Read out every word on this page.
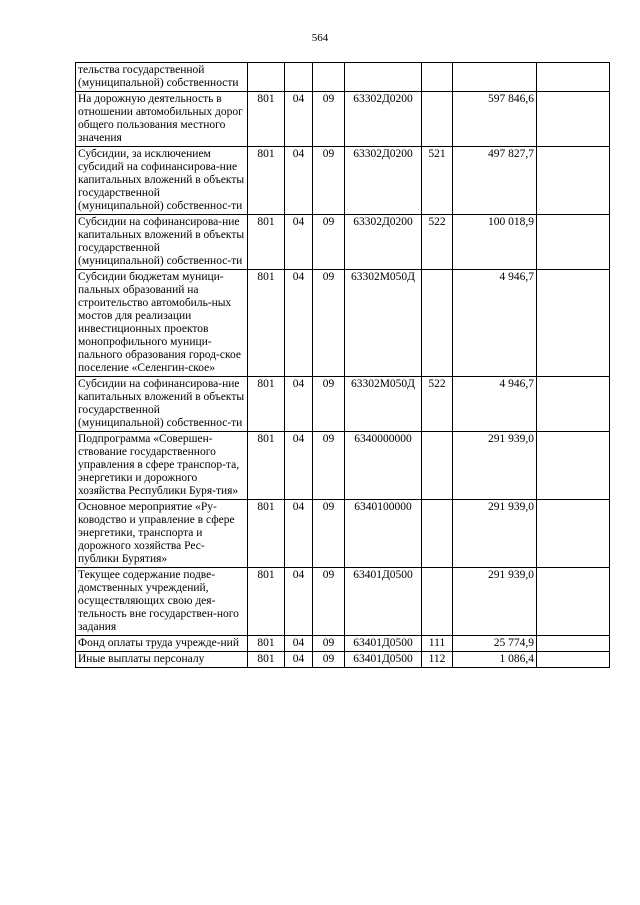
564
тельства государственной (муниципальной) собственности							
На дорожную деятельность в отношении автомобильных дорог общего пользования местного значения	801	04	09	63302Д0200		597 846,6	
Субсидии, за исключением субсидий на софинансирова-ние капитальных вложений в объекты государственной (муниципальной) собственнос-ти	801	04	09	63302Д0200	521	497 827,7	
Субсидии на софинансирова-ние капитальных вложений в объекты государственной (муниципальной) собственнос-ти	801	04	09	63302Д0200	522	100 018,9	
Субсидии бюджетам муници-пальных образований на строительство автомобиль-ных мостов для реализации инвестиционных проектов монопрофильного муници-пального образования город-ское поселение «Селенгин-ское»	801	04	09	63302М050Д		4 946,7	
Субсидии на софинансирова-ние капитальных вложений в объекты государственной (муниципальной) собственнос-ти	801	04	09	63302М050Д	522	4 946,7	
Подпрограмма «Совершен-ствование государственного управления в сфере транспор-та, энергетики и дорожного хозяйства Республики Буря-тия»	801	04	09	6340000000		291 939,0	
Основное мероприятие «Ру-ководство и управление в сфере энергетики, транспорта и дорожного хозяйства Рес-публики Бурятия»	801	04	09	6340100000		291 939,0	
Текущее содержание подве-домственных учреждений, осуществляющих свою дея-тельность вне государствен-ного задания	801	04	09	63401Д0500		291 939,0	
Фонд оплаты труда учрежде-ний	801	04	09	63401Д0500	111	25 774,9	
Иные выплаты персоналу	801	04	09	63401Д0500	112	1 086,4	
